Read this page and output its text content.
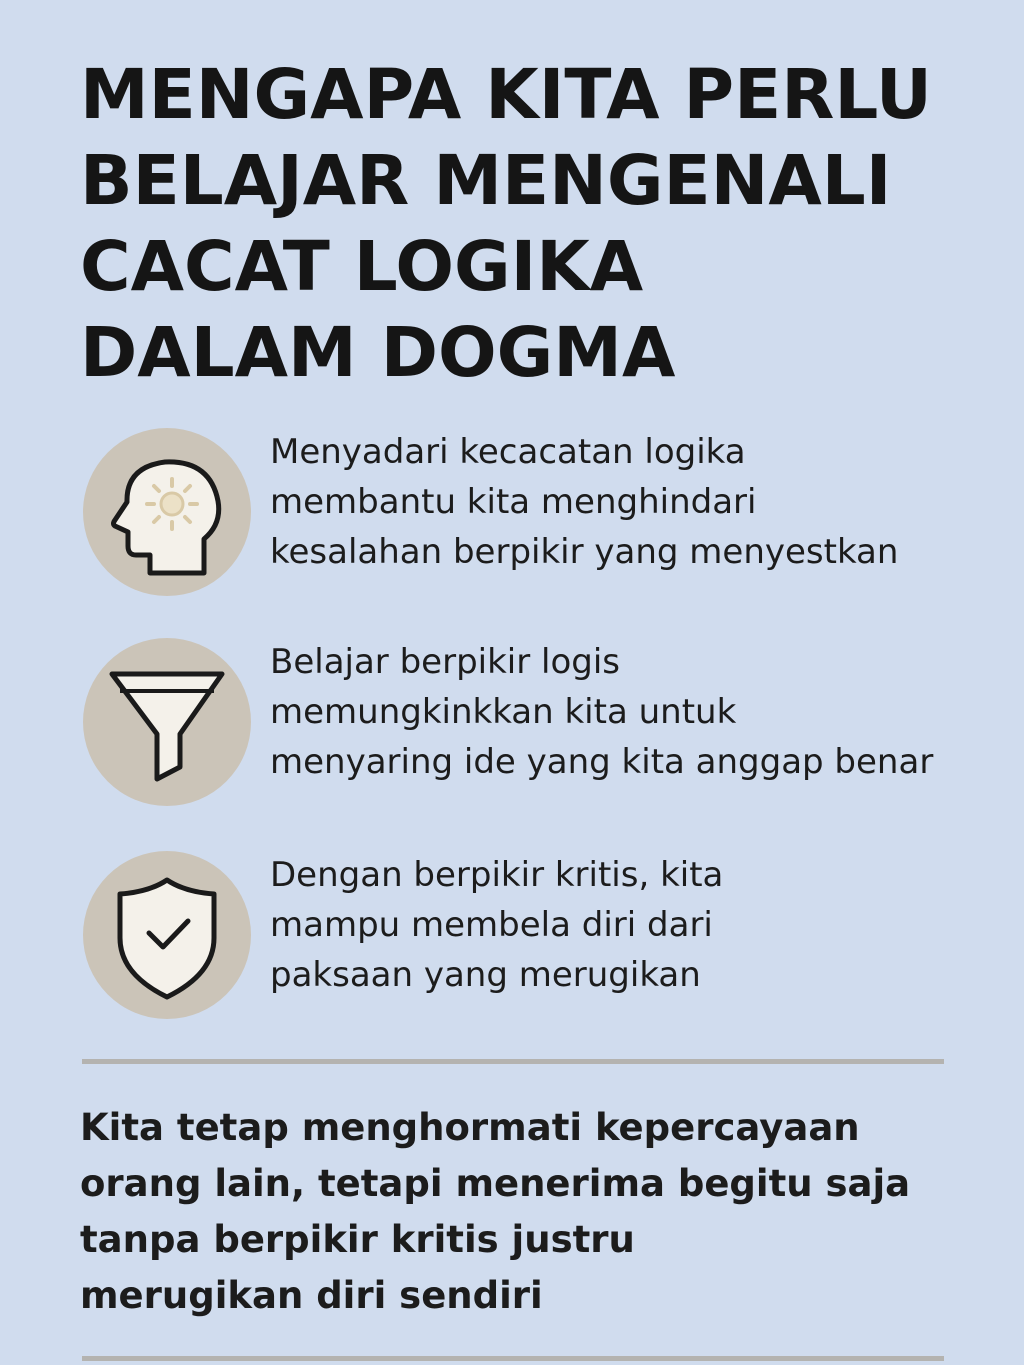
MENGAPA KITA PERLU
BELAJAR MENGENALI
CACAT LOGIKA
DALAM DOGMA
Menyadari kecacatan logika
membantu kita menghindari
kesalahan berpikir yang menyestkan
Belajar berpikir logis
memungkinkkan kita untuk
menyaring ide yang kita anggap benar
Dengan berpikir kritis, kita
mampu membela diri dari
paksaan yang merugikan
Kita tetap menghormati kepercayaan
orang lain, tetapi menerima begitu saja
tanpa berpikir kritis justru
merugikan diri sendiri
